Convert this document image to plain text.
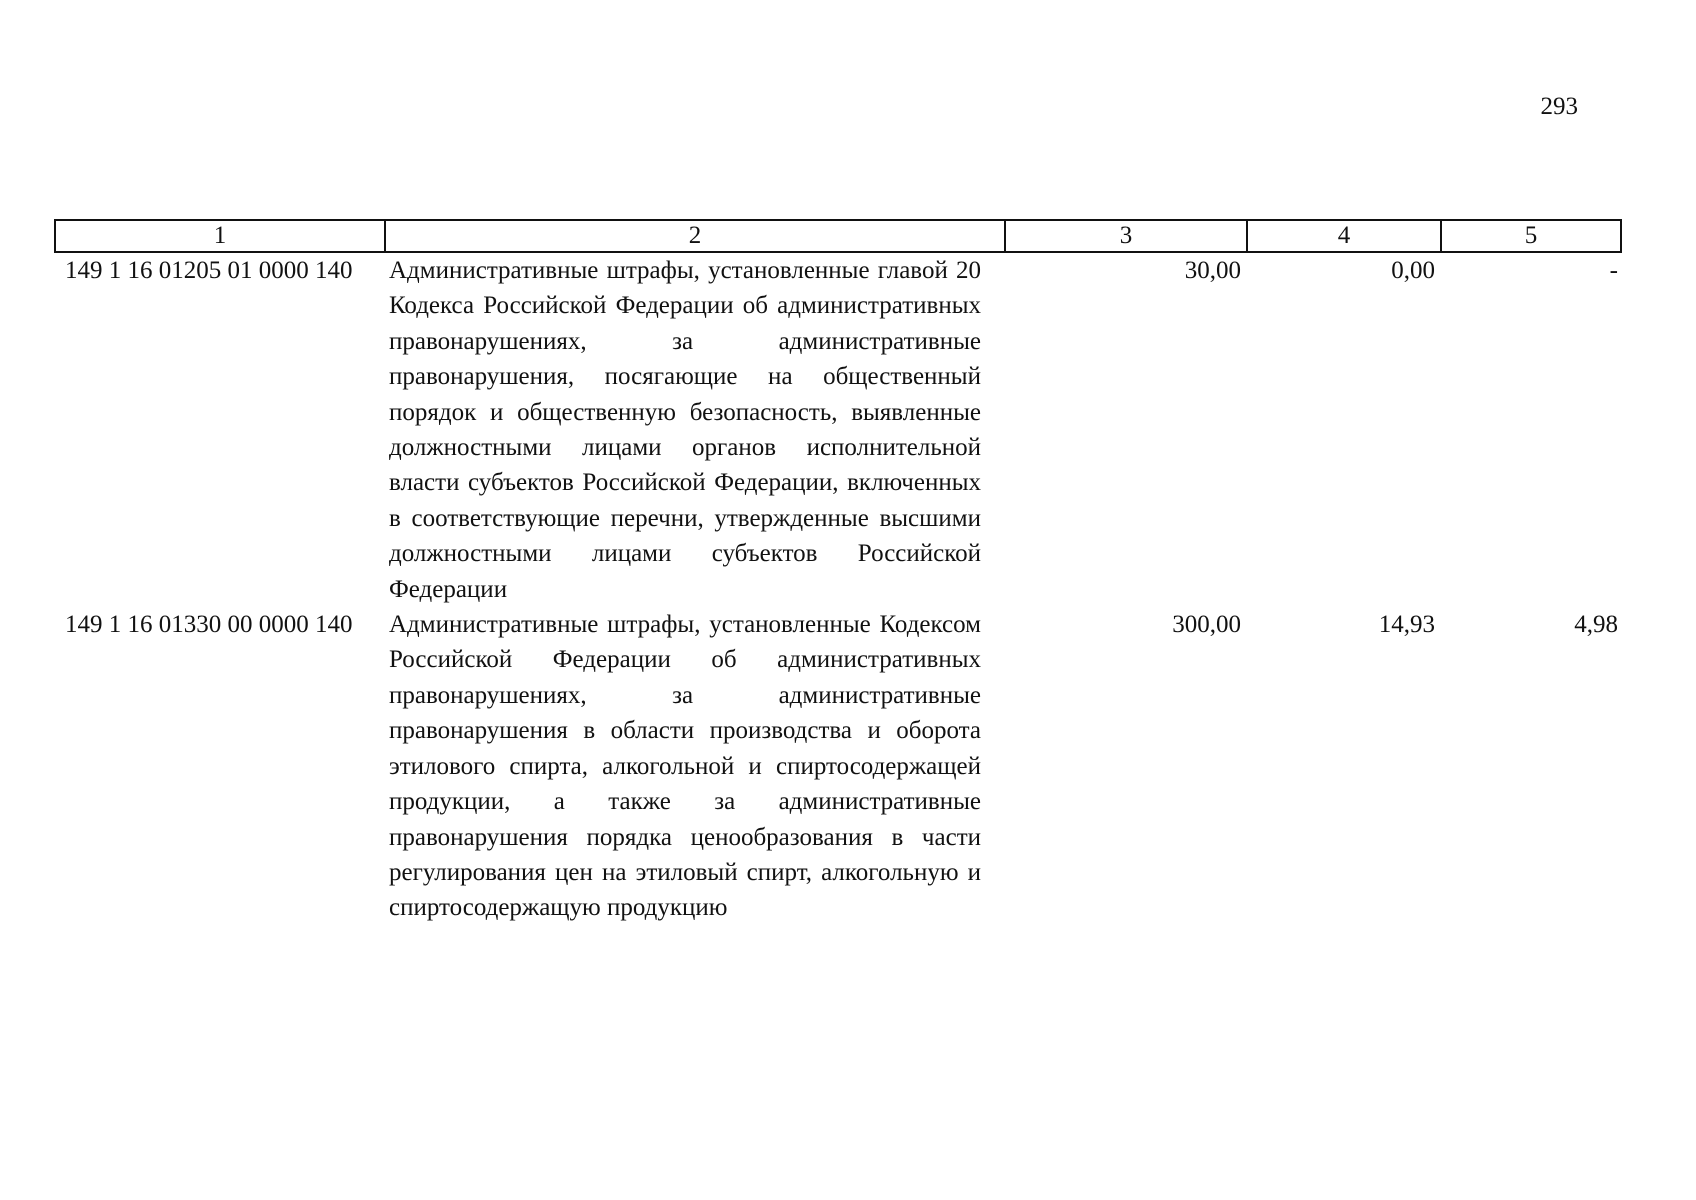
293
1	2	3	4	5
149 1 16 01205 01 0000 140	Административные штрафы, установленные главой 20 Кодекса Российской Федерации об административных правонарушениях, за административные правонарушения, посягающие на общественный порядок и общественную безопасность, выявленные должностными лицами органов исполнительной власти субъектов Российской Федерации, включенных в соответствующие перечни, утвержденные высшими должностными лицами субъектов Российской Федерации	30,00	0,00	-
149 1 16 01330 00 0000 140	Административные штрафы, установленные Кодексом Российской Федерации об административных правонарушениях, за административные правонарушения в области производства и оборота этилового спирта, алкогольной и спиртосодержащей продукции, а также за административные правонарушения порядка ценообразования в части регулирования цен на этиловый спирт, алкогольную и спиртосодержащую продукцию	300,00	14,93	4,98
